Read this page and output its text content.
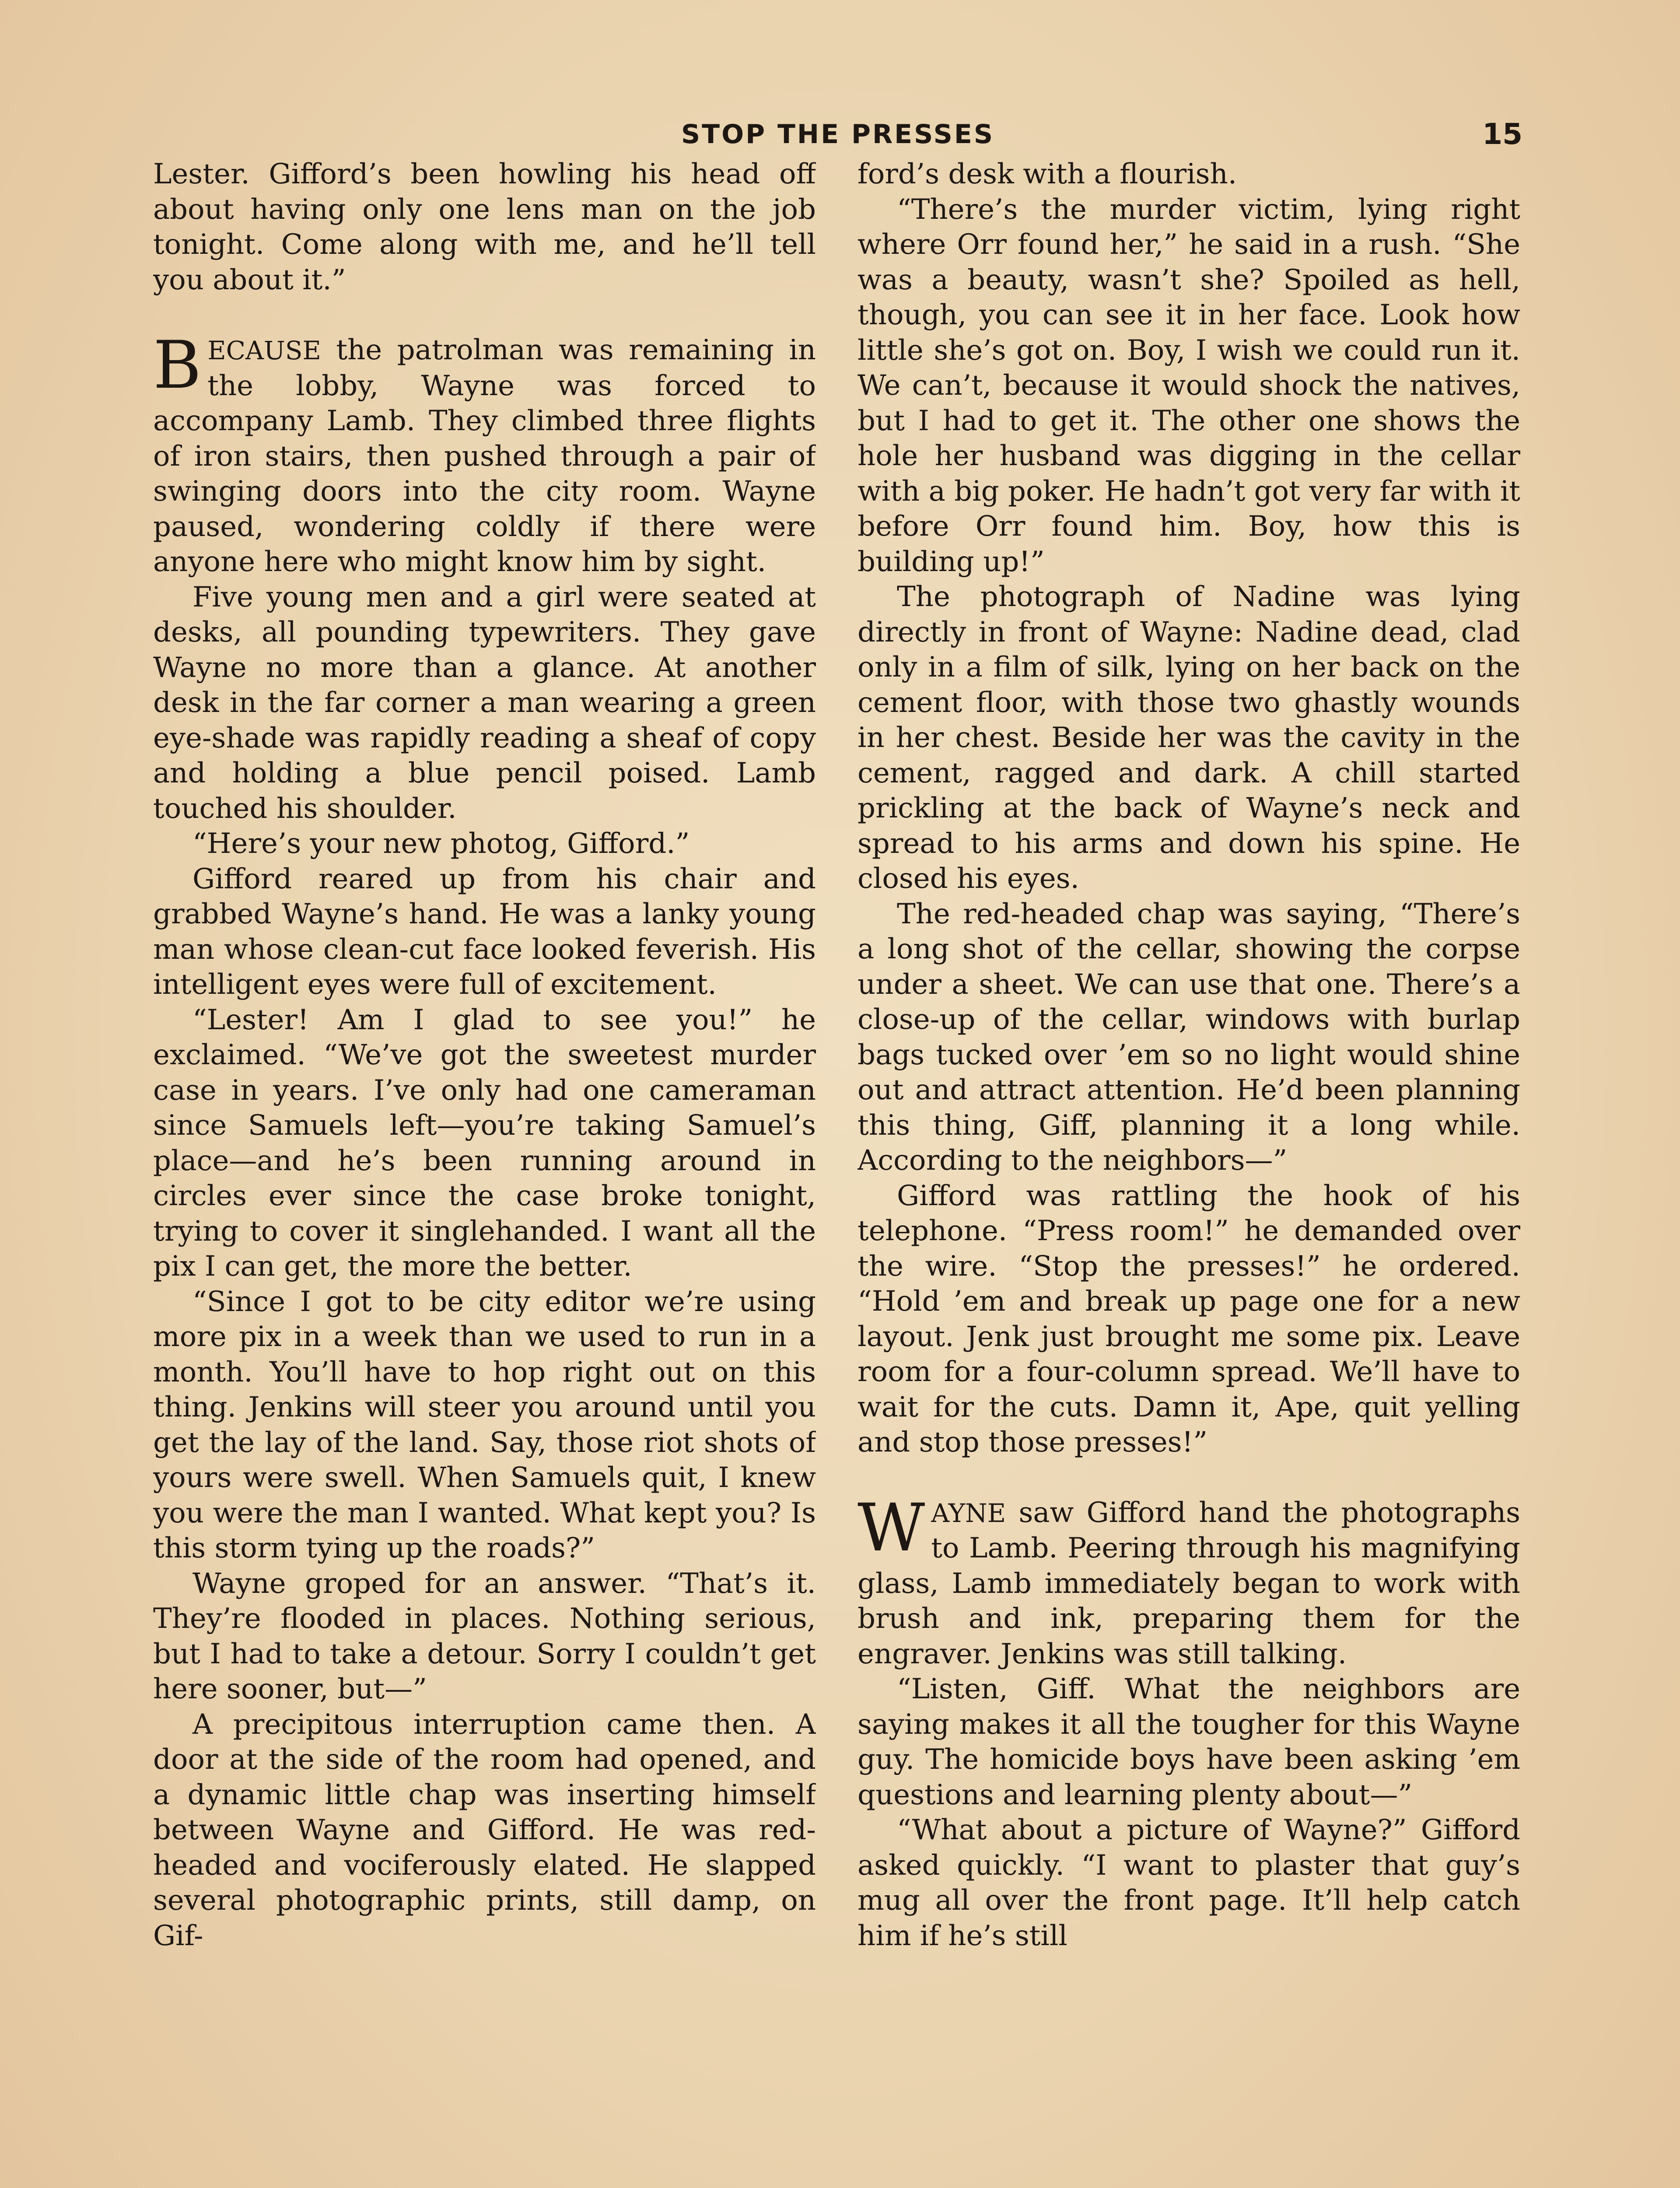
STOP THE PRESSES	15

Lester. Gifford’s been howling his head off about having only one lens man on the job tonight. Come along with me, and he’ll tell you about it.”

BECAUSE the patrolman was remaining in the lobby, Wayne was forced to accompany Lamb. They climbed three flights of iron stairs, then pushed through a pair of swinging doors into the city room. Wayne paused, wondering coldly if there were anyone here who might know him by sight.

Five young men and a girl were seated at desks, all pounding typewriters. They gave Wayne no more than a glance. At another desk in the far corner a man wearing a green eye-shade was rapidly reading a sheaf of copy and holding a blue pencil poised. Lamb touched his shoulder.

“Here’s your new photog, Gifford.”

Gifford reared up from his chair and grabbed Wayne’s hand. He was a lanky young man whose clean-cut face looked feverish. His intelligent eyes were full of excitement.

“Lester! Am I glad to see you!” he exclaimed. “We’ve got the sweetest murder case in years. I’ve only had one cameraman since Samuels left—you’re taking Samuel’s place—and he’s been running around in circles ever since the case broke tonight, trying to cover it singlehanded. I want all the pix I can get, the more the better.

“Since I got to be city editor we’re using more pix in a week than we used to run in a month. You’ll have to hop right out on this thing. Jenkins will steer you around until you get the lay of the land. Say, those riot shots of yours were swell. When Samuels quit, I knew you were the man I wanted. What kept you? Is this storm tying up the roads?”

Wayne groped for an answer. “That’s it. They’re flooded in places. Nothing serious, but I had to take a detour. Sorry I couldn’t get here sooner, but—”

A precipitous interruption came then. A door at the side of the room had opened, and a dynamic little chap was inserting himself between Wayne and Gifford. He was red-headed and vociferously elated. He slapped several photographic prints, still damp, on Gif-

ford’s desk with a flourish.

“There’s the murder victim, lying right where Orr found her,” he said in a rush. “She was a beauty, wasn’t she? Spoiled as hell, though, you can see it in her face. Look how little she’s got on. Boy, I wish we could run it. We can’t, because it would shock the natives, but I had to get it. The other one shows the hole her husband was digging in the cellar with a big poker. He hadn’t got very far with it before Orr found him. Boy, how this is building up!”

The photograph of Nadine was lying directly in front of Wayne: Nadine dead, clad only in a film of silk, lying on her back on the cement floor, with those two ghastly wounds in her chest. Beside her was the cavity in the cement, ragged and dark. A chill started prickling at the back of Wayne’s neck and spread to his arms and down his spine. He closed his eyes.

The red-headed chap was saying, “There’s a long shot of the cellar, showing the corpse under a sheet. We can use that one. There’s a close-up of the cellar, windows with burlap bags tucked over ’em so no light would shine out and attract attention. He’d been planning this thing, Giff, planning it a long while. According to the neighbors—”

Gifford was rattling the hook of his telephone. “Press room!” he demanded over the wire. “Stop the presses!” he ordered. “Hold ’em and break up page one for a new layout. Jenk just brought me some pix. Leave room for a four-column spread. We’ll have to wait for the cuts. Damn it, Ape, quit yelling and stop those presses!”

WAYNE saw Gifford hand the photographs to Lamb. Peering through his magnifying glass, Lamb immediately began to work with brush and ink, preparing them for the engraver. Jenkins was still talking.

“Listen, Giff. What the neighbors are saying makes it all the tougher for this Wayne guy. The homicide boys have been asking ’em questions and learning plenty about—”

“What about a picture of Wayne?” Gifford asked quickly. “I want to plaster that guy’s mug all over the front page. It’ll help catch him if he’s still
